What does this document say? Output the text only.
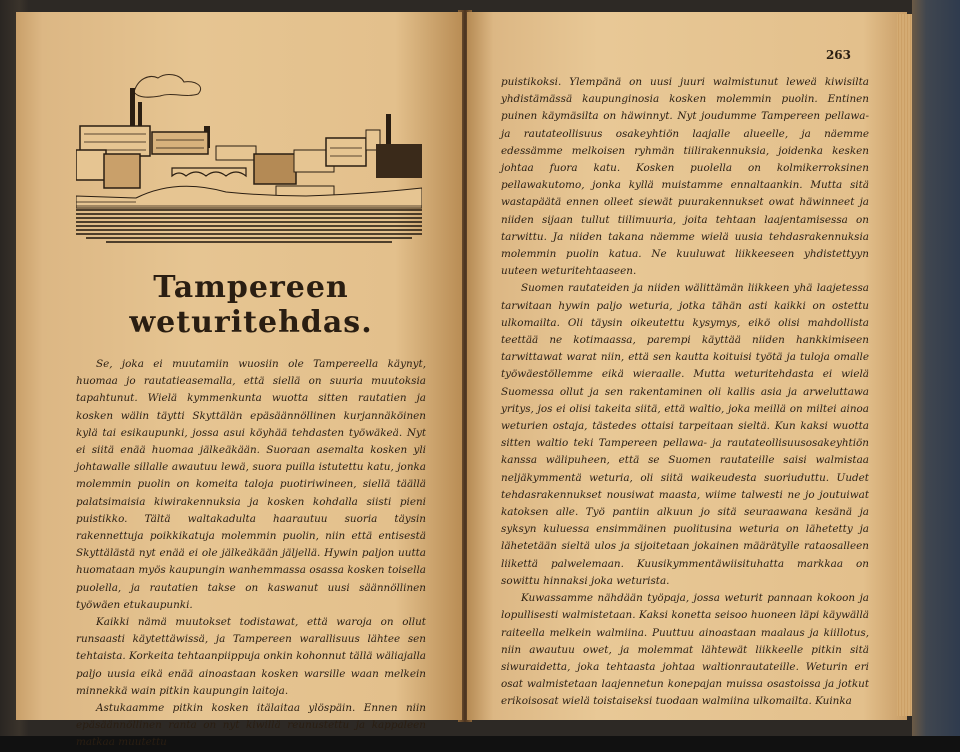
Tampereen weturitehdas.

Se, joka ei muutamiin wuosiin ole Tampereella käynyt, huomaa jo rautatieasemalla, että siellä on suuria muutoksia tapahtunut. Wielä kymmenkunta wuotta sitten rautatien ja kosken wälin täytti Skyttälän epäsäännöllinen kurjannäköinen kylä tai esikaupunki, jossa asui köyhää tehdasten työwäkeä. Nyt ei siitä enää huomaa jälkeäkään. Suoraan asemalta kosken yli johtawalle sillalle awautuu lewä, suora puilla istutettu katu, jonka molemmin puolin on komeita taloja puotiriwineen, siellä täällä palatsimaisia kiwirakennuksia ja kosken kohdalla siisti pieni puistikko. Tältä waltakadulta haarautuu suoria täysin rakennettuja poikkikatuja molemmin puolin, niin että entisestä Skyttälästä nyt enää ei ole jälkeäkään jäljellä. Hywin paljon uutta huomataan myös kaupungin wanhemmassa osassa kosken toisella puolella, ja rautatien takse on kaswanut uusi säännöllinen työwäen etukaupunki.

Kaikki nämä muutokset todistawat, että waroja on ollut runsaasti käytettäwissä, ja Tampereen warallisuus lähtee sen tehtaista. Korkeita tehtaanpiippuja onkin kohonnut tällä wäliajalla paljo uusia eikä enää ainoastaan kosken warsille waan melkein minnekkä wain pitkin kaupungin laitoja.

Astukaamme pitkin kosken itälaitaa ylöspäin. Ennen niin epäsäännöllinen ranta on nyt kiwillä reunustettu ja kappaleen matkaa muutettu

263

puistikoksi. Ylempänä on uusi juuri walmistunut leweä kiwisilta yhdistämässä kaupunginosia kosken molemmin puolin. Entinen puinen käymäsilta on häwinnyt. Nyt joudumme Tampereen pellawa- ja rautateollisuus osakeyhtiön laajalle alueelle, ja näemme edessämme melkoisen ryhmän tiilirakennuksia, joidenka kesken johtaa fuora katu. Kosken puolella on kolmikerroksinen pellawakutomo, jonka kyllä muistamme ennaltaankin. Mutta sitä wastapäätä ennen olleet siewät puurakennukset owat häwinneet ja niiden sijaan tullut tiilimuuria, joita tehtaan laajentamisessa on tarwittu. Ja niiden takana näemme wielä uusia tehdasrakennuksia molemmin puolin katua. Ne kuuluwat liikkeeseen yhdistettyyn uuteen weturitehtaaseen.

Suomen rautateiden ja niiden wälittämän liikkeen yhä laajetessa tarwitaan hywin paljo weturia, jotka tähän asti kaikki on ostettu ulkomailta. Oli täysin oikeutettu kysymys, eikö olisi mahdollista teettää ne kotimaassa, parempi käyttää niiden hankkimiseen tarwittawat warat niin, että sen kautta koituisi työtä ja tuloja omalle työwäestöllemme eikä wieraalle. Mutta weturitehdasta ei wielä Suomessa ollut ja sen rakentaminen oli kallis asia ja arweluttawa yritys, jos ei olisi takeita siitä, että waltio, joka meillä on miltei ainoa weturien ostaja, tästedes ottaisi tarpeitaan sieltä. Kun kaksi wuotta sitten waltio teki Tampereen pellawa- ja rautateollisuusosakeyhtiön kanssa wälipuheen, että se Suomen rautateille saisi walmistaa neljäkymmentä weturia, oli siitä waikeudesta suoriuduttu. Uudet tehdasrakennukset nousiwat maasta, wiime talwesti ne jo joutuiwat katoksen alle. Työ pantiin alkuun jo sitä seuraawana kesänä ja syksyn kuluessa ensimmäinen puolitusina weturia on lähetetty ja lähetetään sieltä ulos ja sijoitetaan jokainen määrätylle rataosalleen liikettä palwelemaan. Kuusikymmentäwiisituhatta markkaa on sowittu hinnaksi joka weturista.

Kuwassamme nähdään työpaja, jossa weturit pannaan kokoon ja lopullisesti walmistetaan. Kaksi konetta seisoo huoneen läpi käywällä raiteella melkein walmiina. Puuttuu ainoastaan maalaus ja kiillotus, niin awautuu owet, ja molemmat lähtewät liikkeelle pitkin sitä siwuraidetta, joka tehtaasta johtaa waltionrautateille. Weturin eri osat walmistetaan laajennetun konepajan muissa osastoissa ja jotkut erikoisosat wielä toistaiseksi tuodaan walmiina ulkomailta. Kuinka
